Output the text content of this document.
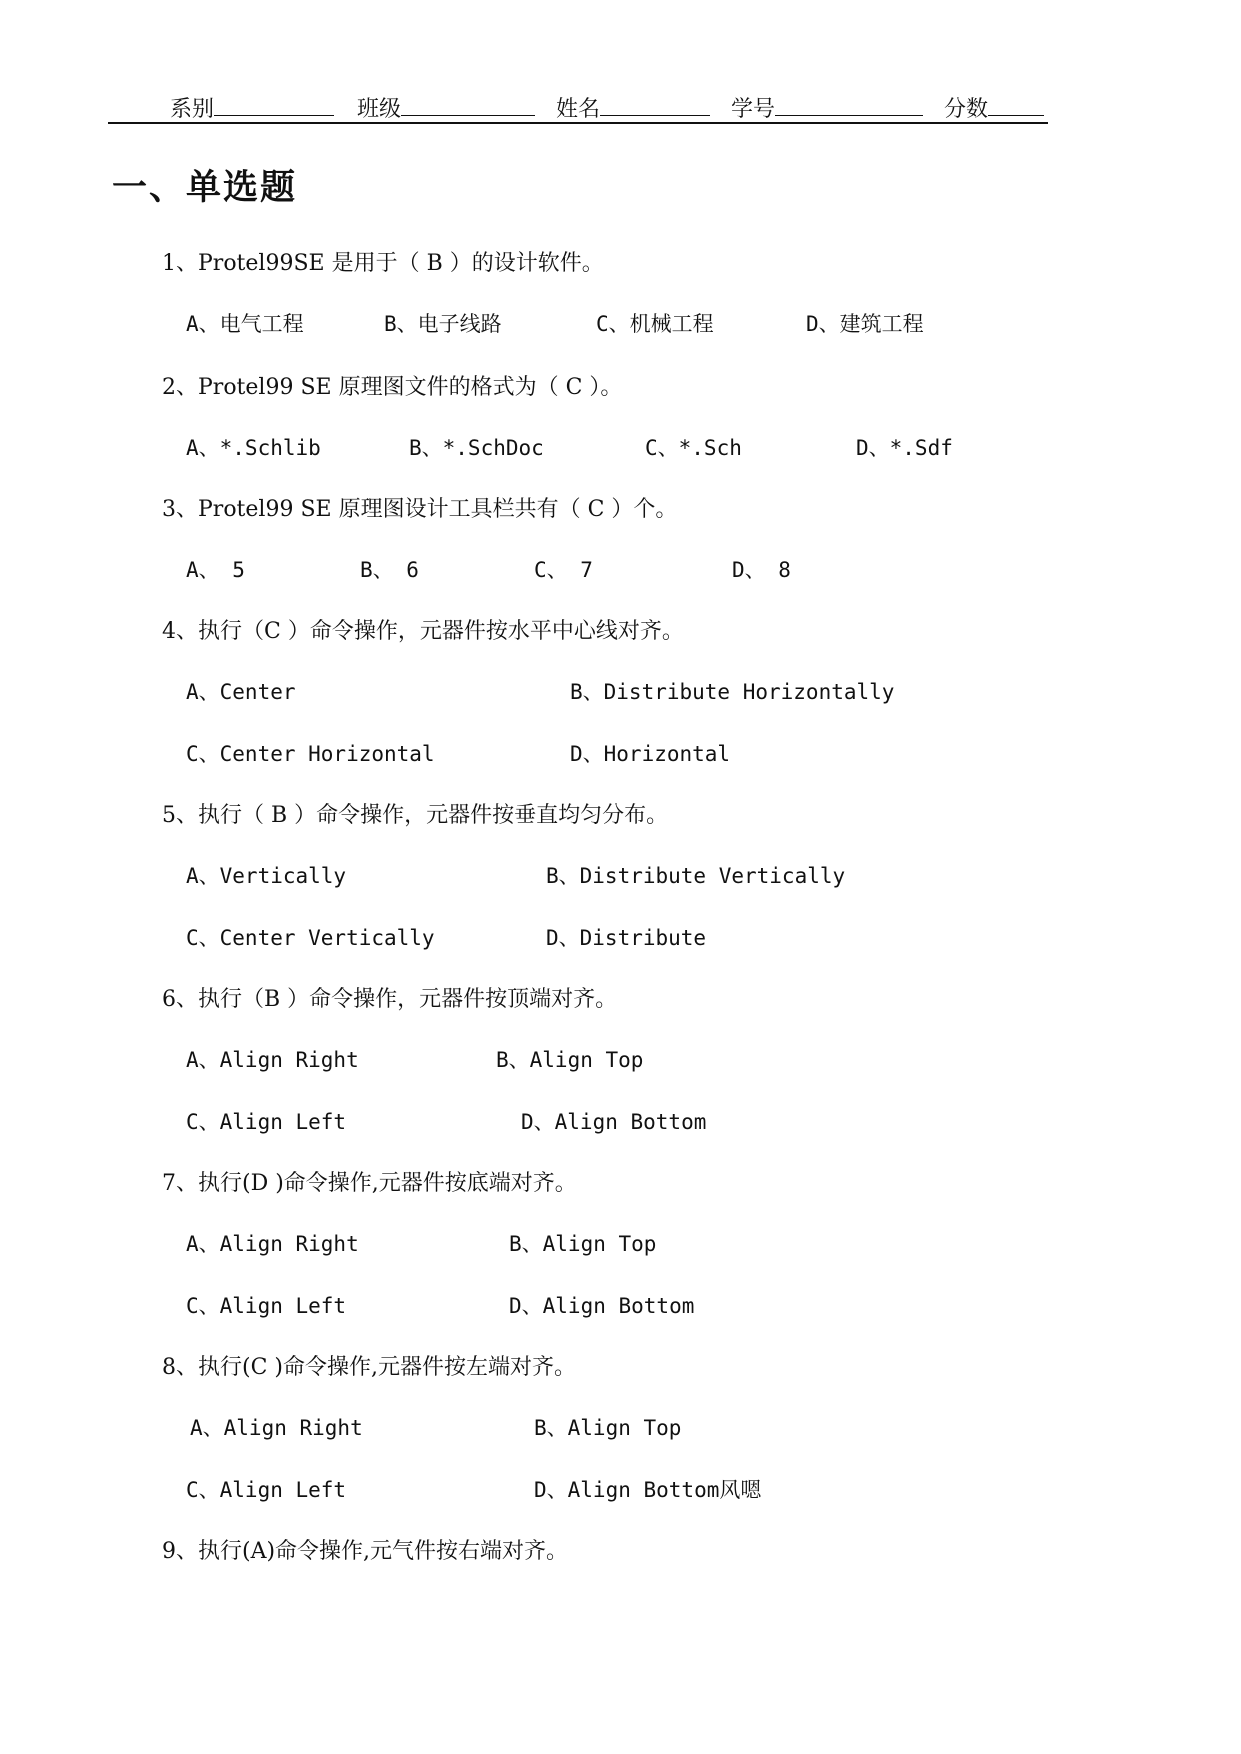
系别	班级	姓名	学号	分数
一、单选题
1、Protel99SE 是用于（ B ）的设计软件。
A、电气工程	B、电子线路	C、机械工程	D、建筑工程
2、Protel99 SE 原理图文件的格式为（ C ）。
A、*.Schlib	B、*.SchDoc	C、*.Sch	D、*.Sdf
3、Protel99 SE 原理图设计工具栏共有（ C ）个。
A、 5	B、 6	C、 7	D、 8
4、执行（C ）命令操作，元器件按水平中心线对齐。
A、Center	B、Distribute Horizontally
C、Center Horizontal	D、Horizontal
5、执行（ B ）命令操作，元器件按垂直均匀分布。
A、Vertically	B、Distribute Vertically
C、Center Vertically	D、Distribute
6、执行（B ）命令操作，元器件按顶端对齐。
A、Align Right	B、Align Top
C、Align Left	D、Align Bottom
7、执行(D )命令操作,元器件按底端对齐。
A、Align Right	B、Align Top
C、Align Left	D、Align Bottom
8、执行(C )命令操作,元器件按左端对齐。
A、Align Right	B、Align Top
C、Align Left	D、Align Bottom风嗯
9、执行(A)命令操作,元气件按右端对齐。
